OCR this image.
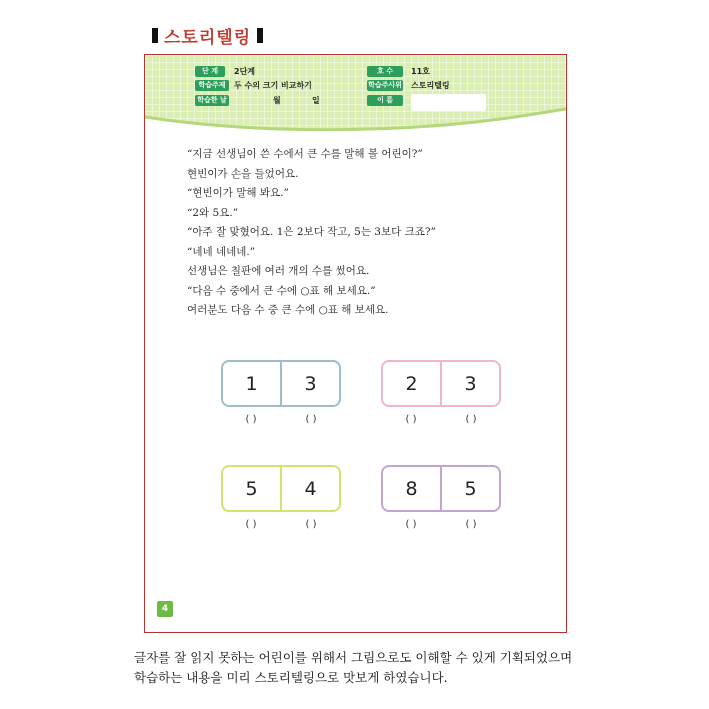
스토리텔링
단 계	2단계
학습주제	두 수의 크기 비교하기
학습한 날	월	일
호 수	11호
학습주사위 스토리텔링
이 름
“지금 선생님이 쓴 수에서 큰 수를 말해 볼 어린이?”
현빈이가 손을 들었어요.
“현빈이가 말해 봐요.”
“2와 5요.”
“아주 잘 맞혔어요. 1은 2보다 작고, 5는 3보다 크죠?”
“네네 네네네.”
선생님은 칠판에 여러 개의 수를 썼어요.
“다음 수 중에서 큰 수에 ○표 해 보세요.”
여러분도 다음 수 중 큰 수에 ○표 해 보세요.
1	3
( )	( )
2	3
( )	( )
5	4
( )	( )
8	5
( )	( )
4
글자를 잘 읽지 못하는 어린이를 위해서 그림으로도 이해할 수 있게 기획되었으며
학습하는 내용을 미리 스토리텔링으로 맛보게 하였습니다.
